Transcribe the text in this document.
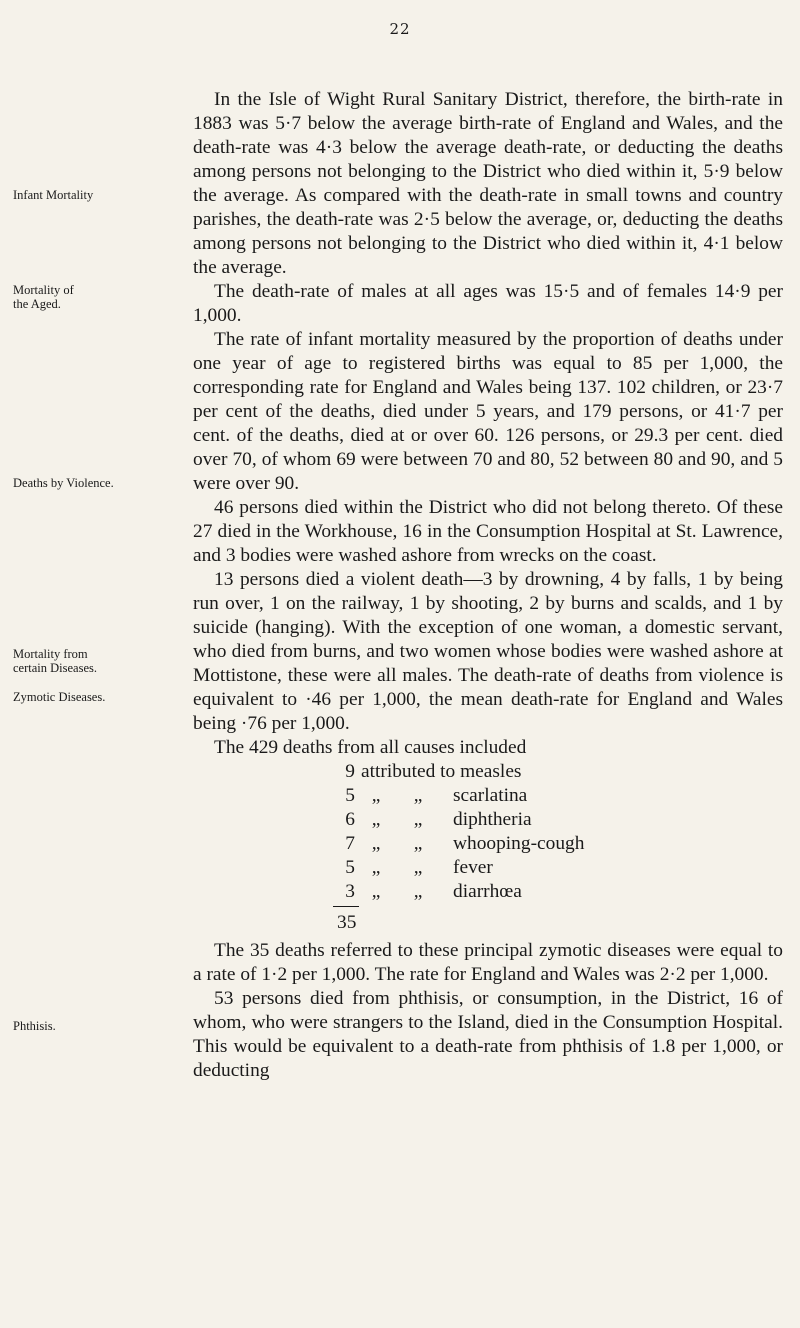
22
Infant Mortality
Mortality of the Aged.
Deaths by Violence.
Mortality from certain Diseases.
Zymotic Diseases.
Phthisis.

In the Isle of Wight Rural Sanitary District, therefore, the birth-rate in 1883 was 5·7 below the average birth-rate of England and Wales, and the death-rate was 4·3 below the average death-rate, or deducting the deaths among persons not belonging to the District who died within it, 5·9 below the average. As compared with the death-rate in small towns and country parishes, the death-rate was 2·5 below the average, or, deducting the deaths among persons not belonging to the District who died within it, 4·1 below the average.

The death-rate of males at all ages was 15·5 and of females 14·9 per 1,000.

The rate of infant mortality measured by the proportion of deaths under one year of age to registered births was equal to 85 per 1,000, the corresponding rate for England and Wales being 137. 102 children, or 23·7 per cent of the deaths, died under 5 years, and 179 persons, or 41·7 per cent. of the deaths, died at or over 60. 126 persons, or 29.3 per cent. died over 70, of whom 69 were between 70 and 80, 52 between 80 and 90, and 5 were over 90.

46 persons died within the District who did not belong thereto. Of these 27 died in the Workhouse, 16 in the Consumption Hospital at St. Lawrence, and 3 bodies were washed ashore from wrecks on the coast.

13 persons died a violent death—3 by drowning, 4 by falls, 1 by being run over, 1 on the railway, 1 by shooting, 2 by burns and scalds, and 1 by suicide (hanging). With the exception of one woman, a domestic servant, who died from burns, and two women whose bodies were washed ashore at Mottistone, these were all males. The death-rate of deaths from violence is equivalent to ·46 per 1,000, the mean death-rate for England and Wales being ·76 per 1,000.

The 429 deaths from all causes included

9 attributed to measles
5 „	„	scarlatina
6 „	„	diphtheria
7 „	„	whooping-cough
5 „	„	fever
3 „	„	diarrhœa
35

The 35 deaths referred to these principal zymotic diseases were equal to a rate of 1·2 per 1,000. The rate for England and Wales was 2·2 per 1,000.

53 persons died from phthisis, or consumption, in the District, 16 of whom, who were strangers to the Island, died in the Consumption Hospital. This would be equivalent to a death-rate from phthisis of 1.8 per 1,000, or deducting
